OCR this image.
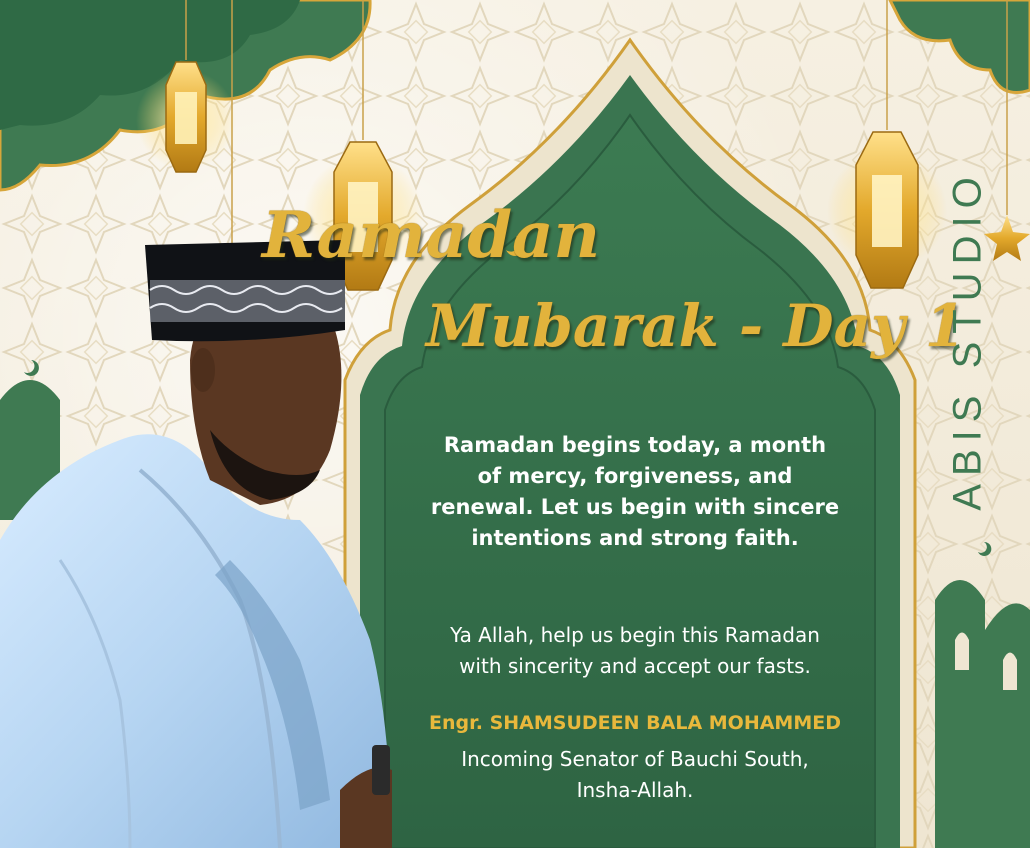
Ramadan
Mubarak - Day 1
Ramadan begins today, a month
of mercy, forgiveness, and
renewal. Let us begin with sincere
intentions and strong faith.
Ya Allah, help us begin this Ramadan
with sincerity and accept our fasts.
Engr. SHAMSUDEEN BALA MOHAMMED
Incoming Senator of Bauchi South,
Insha-Allah.
ABIS STUDIO
